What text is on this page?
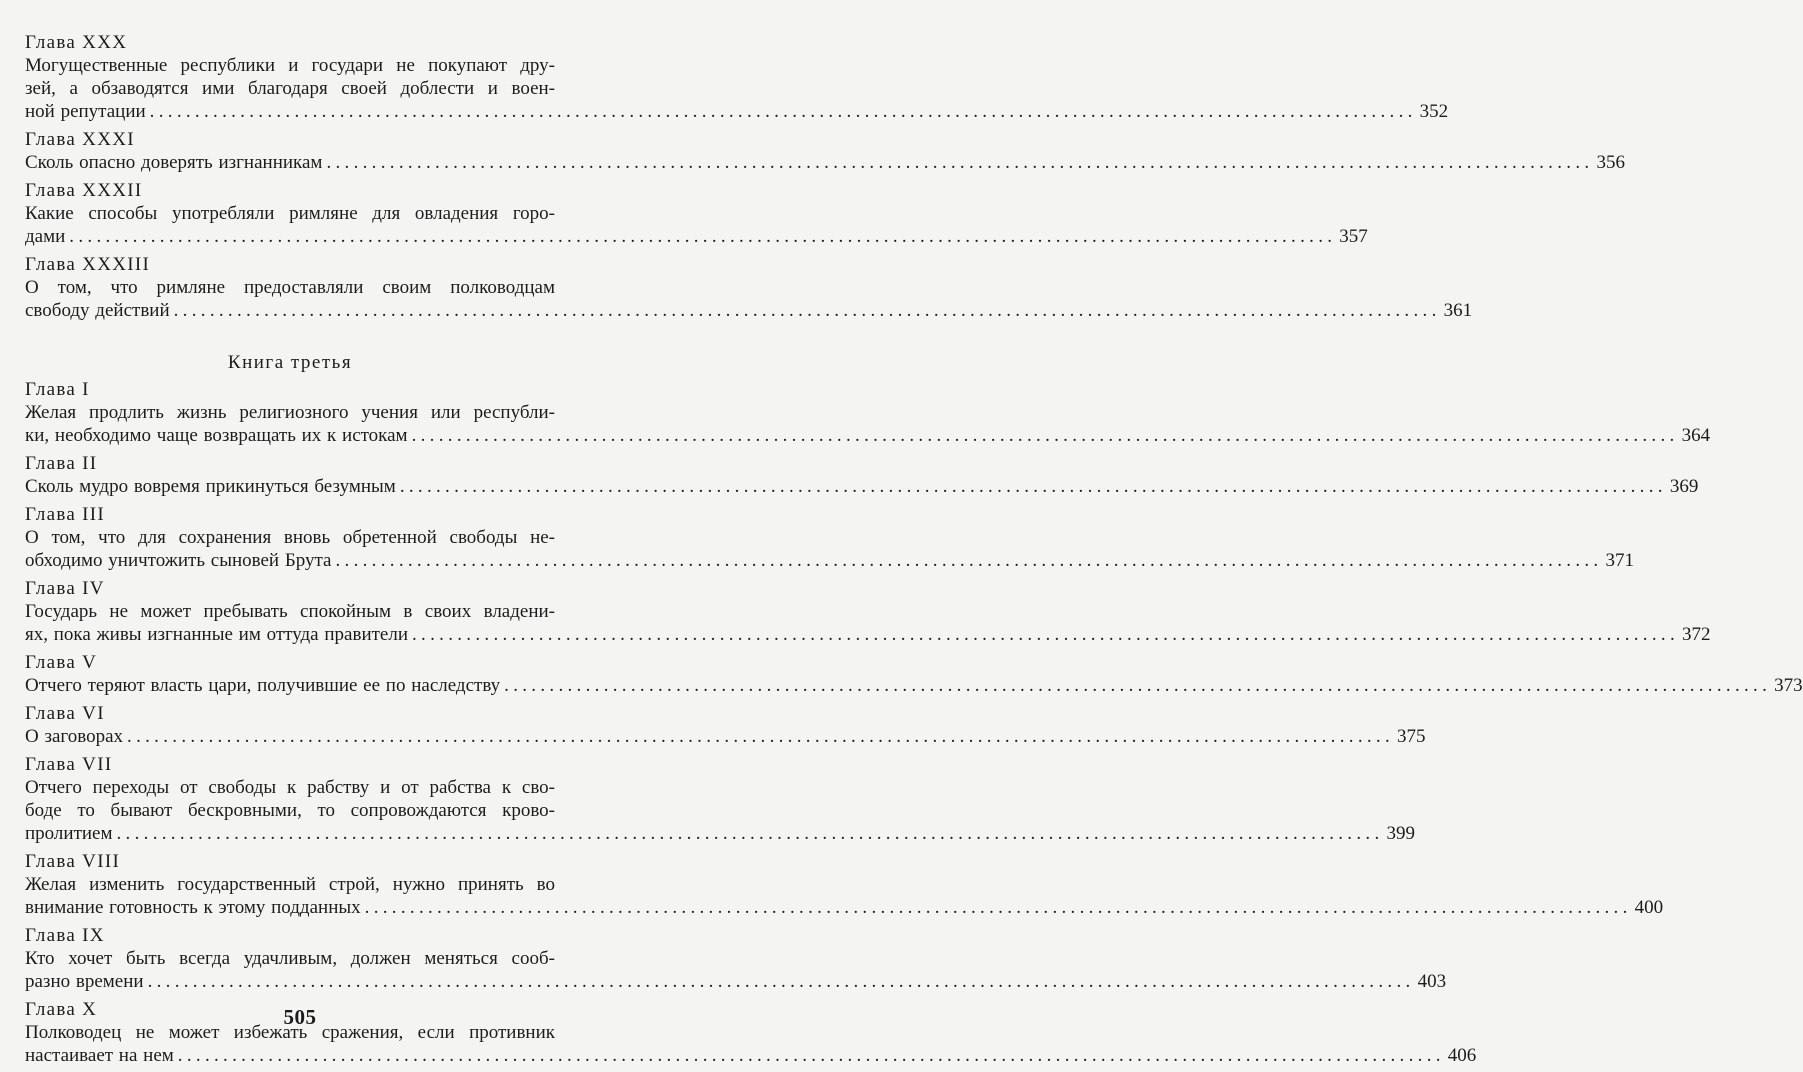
Глава XXX
Могущественные республики и государи не покупают дру-
зей, а обзаводятся ими благодаря своей доблести и воен-
ной репутации ............................................................................................................................................ 352
Глава XXXI
Сколь опасно доверять изгнанникам ............................................................................................................................................ 356
Глава XXXII
Какие способы употребляли римляне для овладения горо-
дами ............................................................................................................................................ 357
Глава XXXIII
О том, что римляне предоставляли своим полководцам
свободу действий ............................................................................................................................................ 361
Книга третья
Глава I
Желая продлить жизнь религиозного учения или республи-
ки, необходимо чаще возвращать их к истокам ............................................................................................................................................ 364
Глава II
Сколь мудро вовремя прикинуться безумным ............................................................................................................................................ 369
Глава III
О том, что для сохранения вновь обретенной свободы не-
обходимо уничтожить сыновей Брута ............................................................................................................................................ 371
Глава IV
Государь не может пребывать спокойным в своих владени-
ях, пока живы изгнанные им оттуда правители ............................................................................................................................................ 372
Глава V
Отчего теряют власть цари, получившие ее по наследству ............................................................................................................................................ 373
Глава VI
О заговорах ............................................................................................................................................ 375
Глава VII
Отчего переходы от свободы к рабству и от рабства к сво-
боде то бывают бескровными, то сопровождаются крово-
пролитием ............................................................................................................................................ 399
Глава VIII
Желая изменить государственный строй, нужно принять во
внимание готовность к этому подданных ............................................................................................................................................ 400
Глава IX
Кто хочет быть всегда удачливым, должен меняться сооб-
разно времени ............................................................................................................................................ 403
Глава X
Полководец не может избежать сражения, если противник
настаивает на нем ............................................................................................................................................ 406
505
